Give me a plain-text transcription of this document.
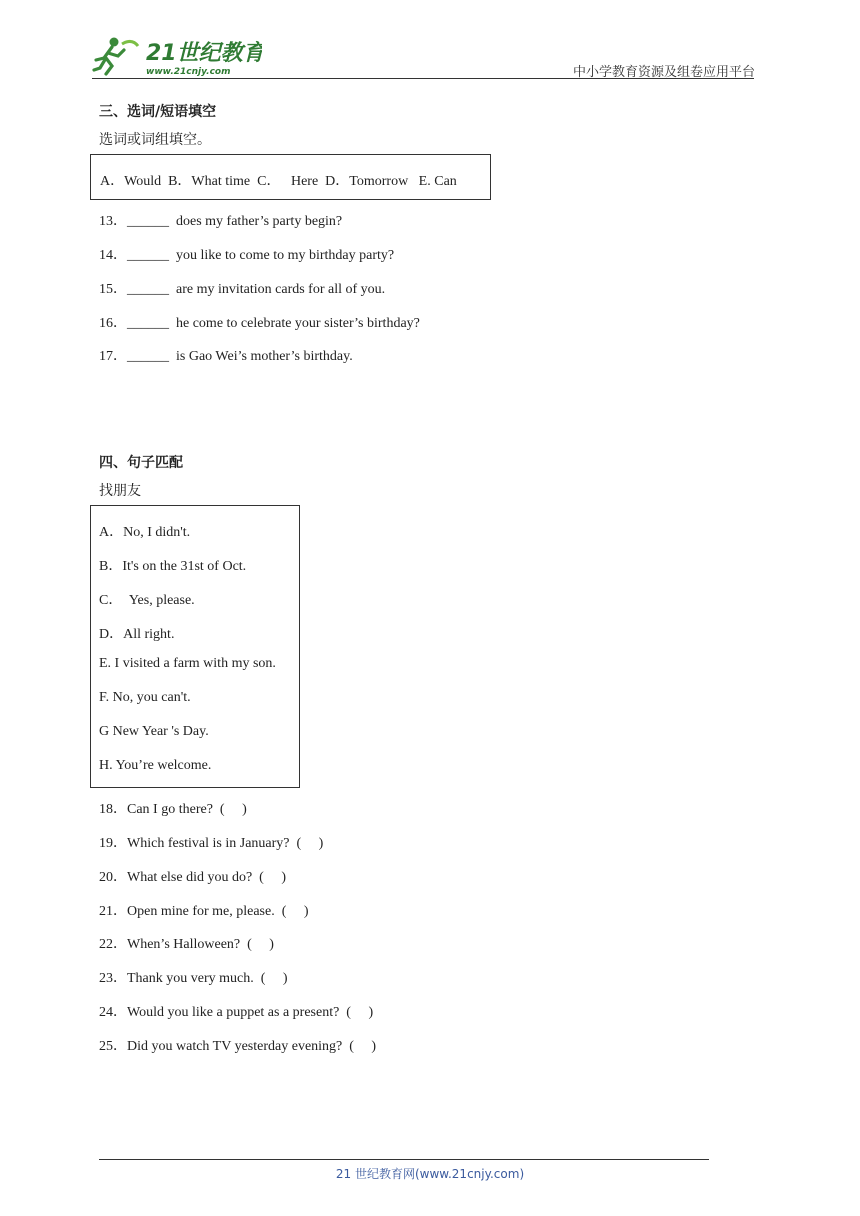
21世纪教育
www.21cnjy.com	中小学教育资源及组卷应用平台
三、选词/短语填空
选词或词组填空。
A．Would  B．What time  C．   Here  D．Tomorrow   E. Can
13．______  does my father’s party begin?
14．______  you like to come to my birthday party?
15．______  are my invitation cards for all of you.
16．______  he come to celebrate your sister’s birthday?
17．______  is Gao Wei’s mother’s birthday.
四、句子匹配
找朋友
A．No, I didn't.
B．It's on the 31st of Oct.
C．  Yes, please.
D．All right.
E. I visited a farm with my son.
F. No, you can't.
G New Year 's Day.
H. You’re welcome.
18．Can I go there?  (     )
19．Which festival is in January?  (     )
20．What else did you do?  (     )
21．Open mine for me, please.  (     )
22．When’s Halloween?  (     )
23．Thank you very much.  (     )
24．Would you like a puppet as a present?  (     )
25．Did you watch TV yesterday evening?  (     )
21 世纪教育网(www.21cnjy.com)
